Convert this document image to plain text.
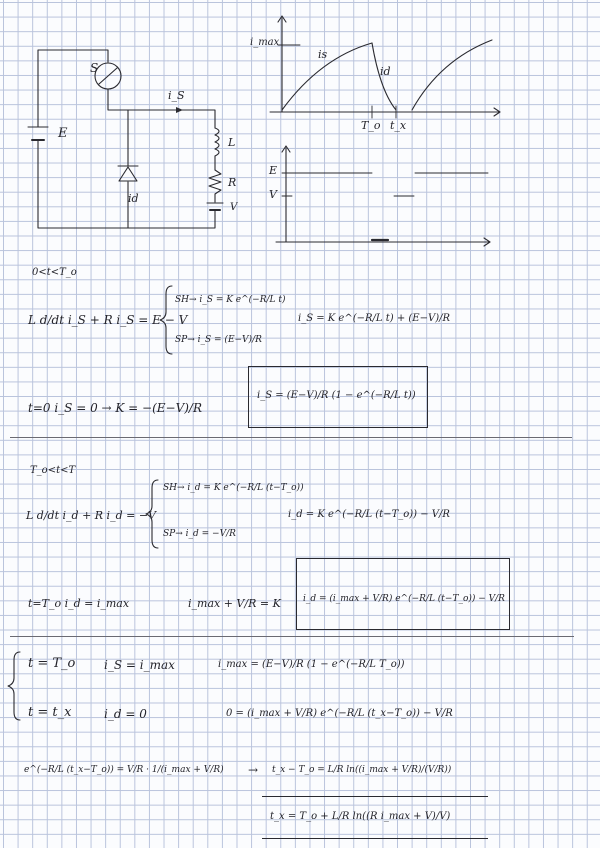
S
E
i_S
L
R
V
id
i_max
is
id
T_o t_x
E
V
0<t<T_o
L d/dt i_S + R i_S = E − V
SH→ i_S = K e^(−R/L t)
SP→ i_S = (E−V)/R
i_S = K e^(−R/L t) + (E−V)/R
t=0 i_S = 0 → K = −(E−V)/R
i_S = (E−V)/R (1 − e^(−R/L t))
T_o<t<T
L d/dt i_d + R i_d = −V
SH→ i_d = K e^(−R/L (t−T_o))
SP→ i_d = −V/R
i_d = K e^(−R/L (t−T_o)) − V/R
t=T_o i_d = i_max	i_max + V/R = K i_d = (i_max + V/R) e^(−R/L (t−T_o)) − V/R
t = T_o i_S = i_max
t = t_x	i_d = 0
i_max = (E−V)/R (1 − e^(−R/L T_o))
0 = (i_max + V/R) e^(−R/L (t_x−T_o)) − V/R
e^(−R/L (t_x−T_o)) = V/R · 1/(i_max + V/R) → t_x − T_o = L/R ln((i_max + V/R)/(V/R))
t_x = T_o + L/R ln((R i_max + V)/V)
